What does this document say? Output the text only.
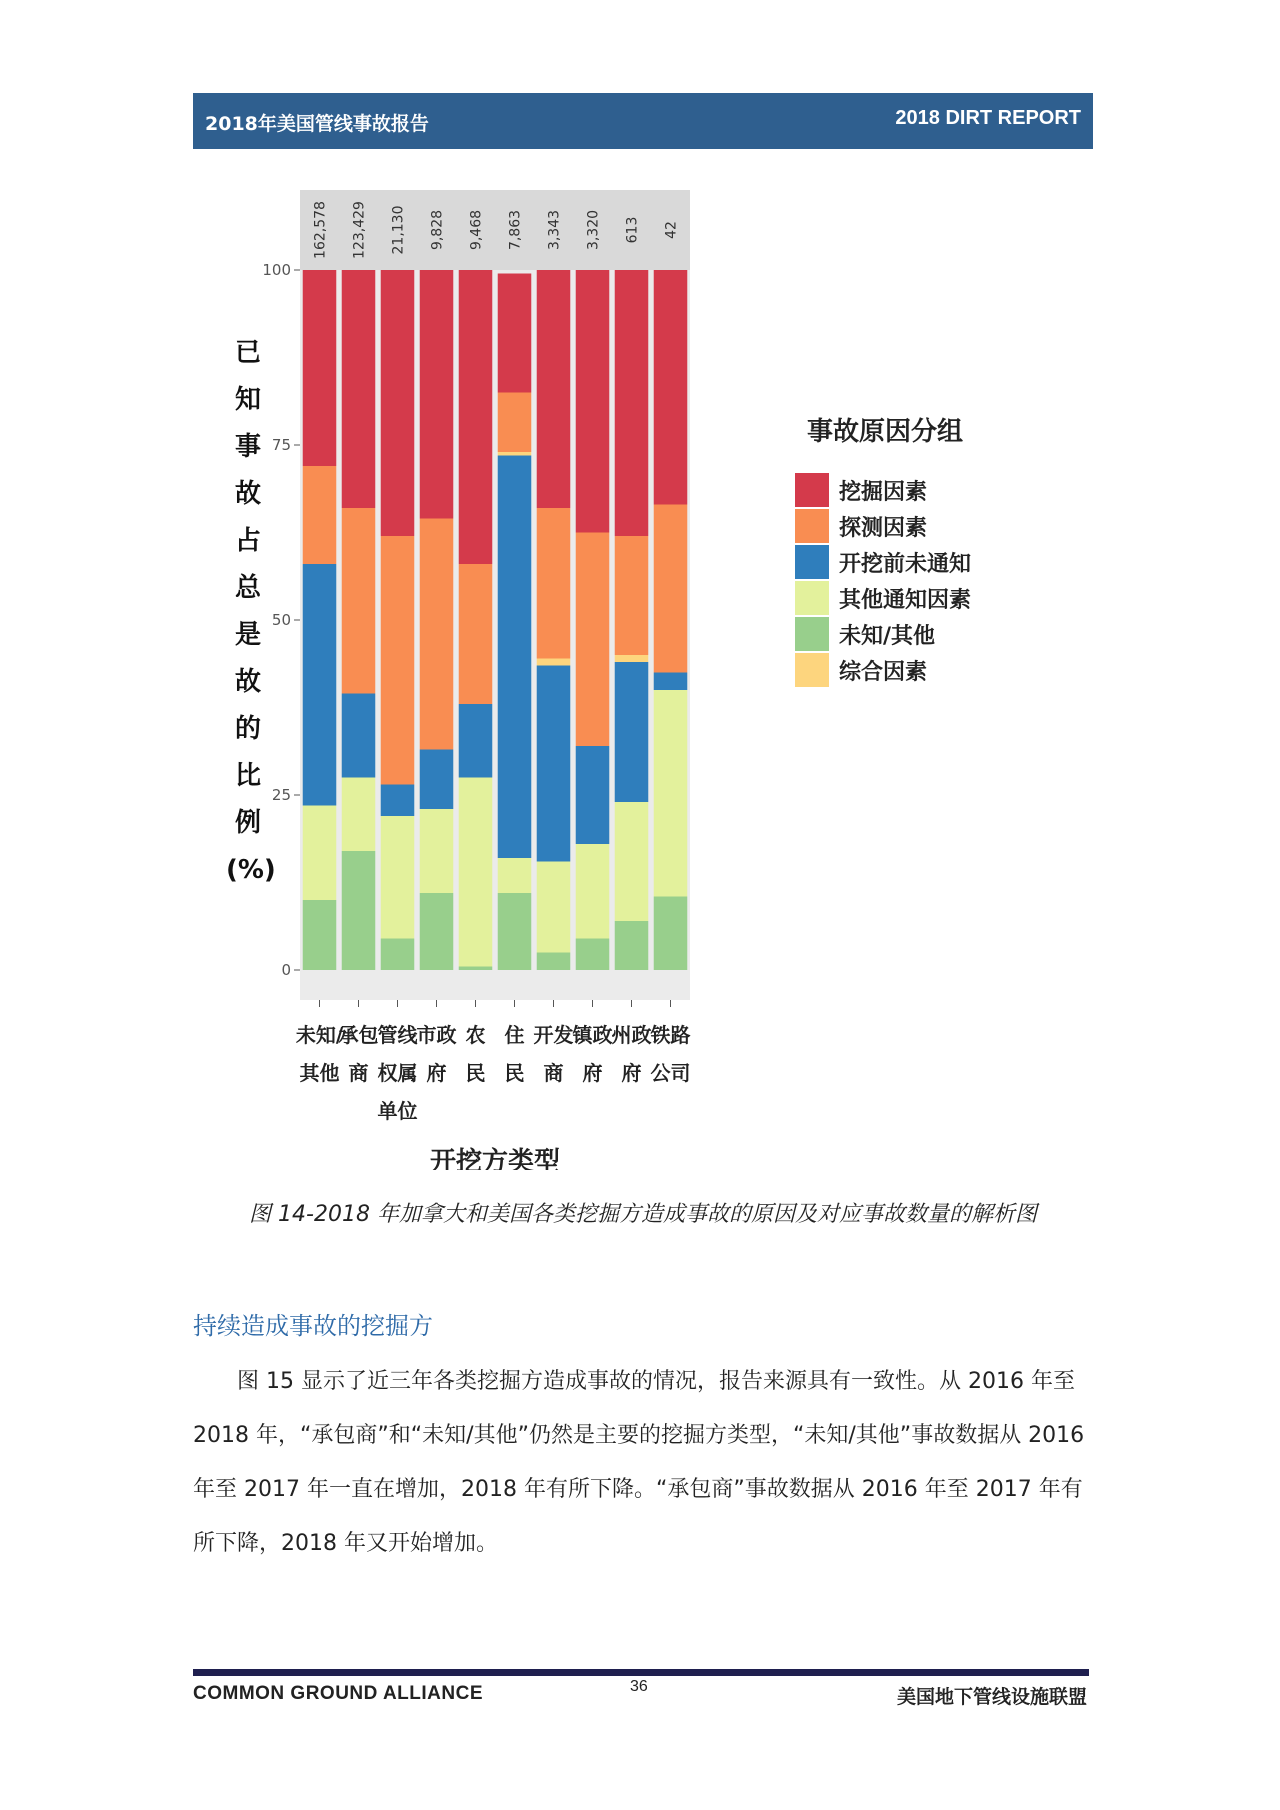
2018年美国管线事故报告	2018 DIRT REPORT
已
知
事
故
占
总
是
故
的
比
例
(%)
162,578 123,429 21,130 9,828 9,468 7,863 3,343 3,320 613 42
0
25
50
75
100
未知/
其他
承包
商
管线
权属
单位
市政
府
农
民
住
民
开发
商
镇政
府
州政
府
铁路
公司
开挖方类型
事故原因分组
挖掘因素
探测因素
开挖前未通知
其他通知因素
未知/其他
综合因素
图 14-2018 年加拿大和美国各类挖掘方造成事故的原因及对应事故数量的解析图
持续造成事故的挖掘方
图 15 显示了近三年各类挖掘方造成事故的情况，报告来源具有一致性。从 2016 年至 2018 年，“承包商”和“未知/其他”仍然是主要的挖掘方类型，“未知/其他”事故数据从 2016 年至 2017 年一直在增加，2018 年有所下降。“承包商”事故数据从 2016 年至 2017 年有所下降，2018 年又开始增加。
COMMON GROUND ALLIANCE	36	美国地下管线设施联盟
